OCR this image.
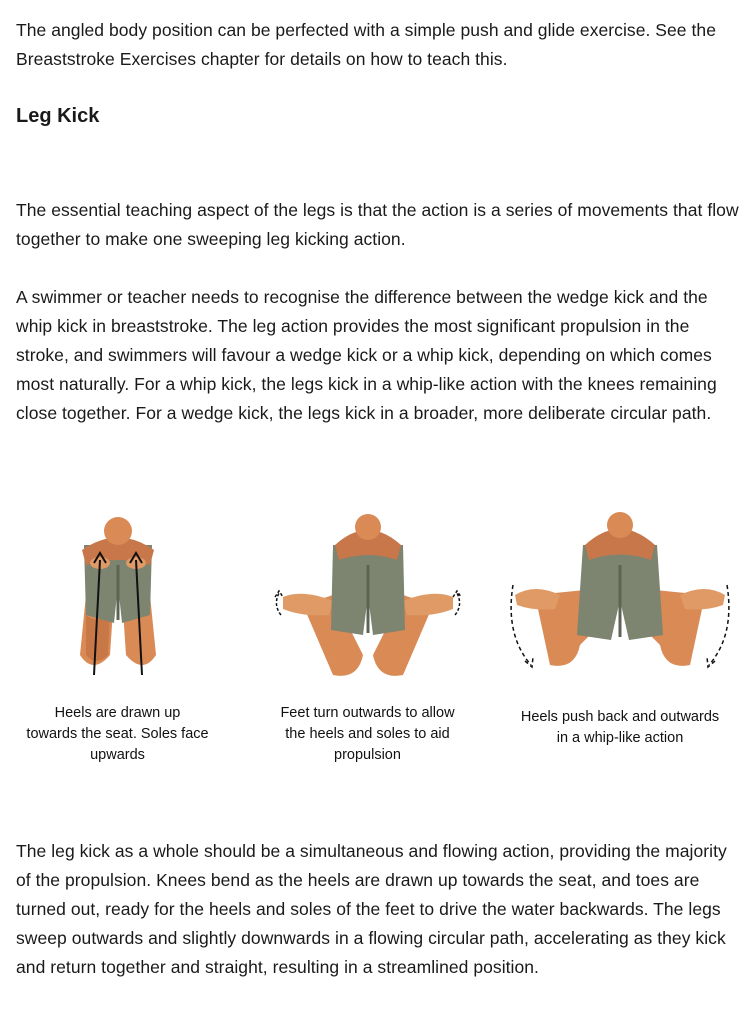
The angled body position can be perfected with a simple push and glide exercise. See the Breaststroke Exercises chapter for details on how to teach this.

Leg Kick

The essential teaching aspect of the legs is that the action is a series of movements that flow together to make one sweeping leg kicking action.

A swimmer or teacher needs to recognise the difference between the wedge kick and the whip kick in breaststroke. The leg action provides the most significant propulsion in the stroke, and swimmers will favour a wedge kick or a whip kick, depending on which comes most naturally. For a whip kick, the legs kick in a whip-like action with the knees remaining close together. For a wedge kick, the legs kick in a broader, more deliberate circular path.

Heels are drawn up
towards the seat. Soles face
upwards
Feet turn outwards to allow
the heels and soles to aid
propulsion
Heels push back and outwards
in a whip-like action

The leg kick as a whole should be a simultaneous and flowing action, providing the majority of the propulsion. Knees bend as the heels are drawn up towards the seat, and toes are turned out, ready for the heels and soles of the feet to drive the water backwards. The legs sweep outwards and slightly downwards in a flowing circular path, accelerating as they kick and return together and straight, resulting in a streamlined position.
